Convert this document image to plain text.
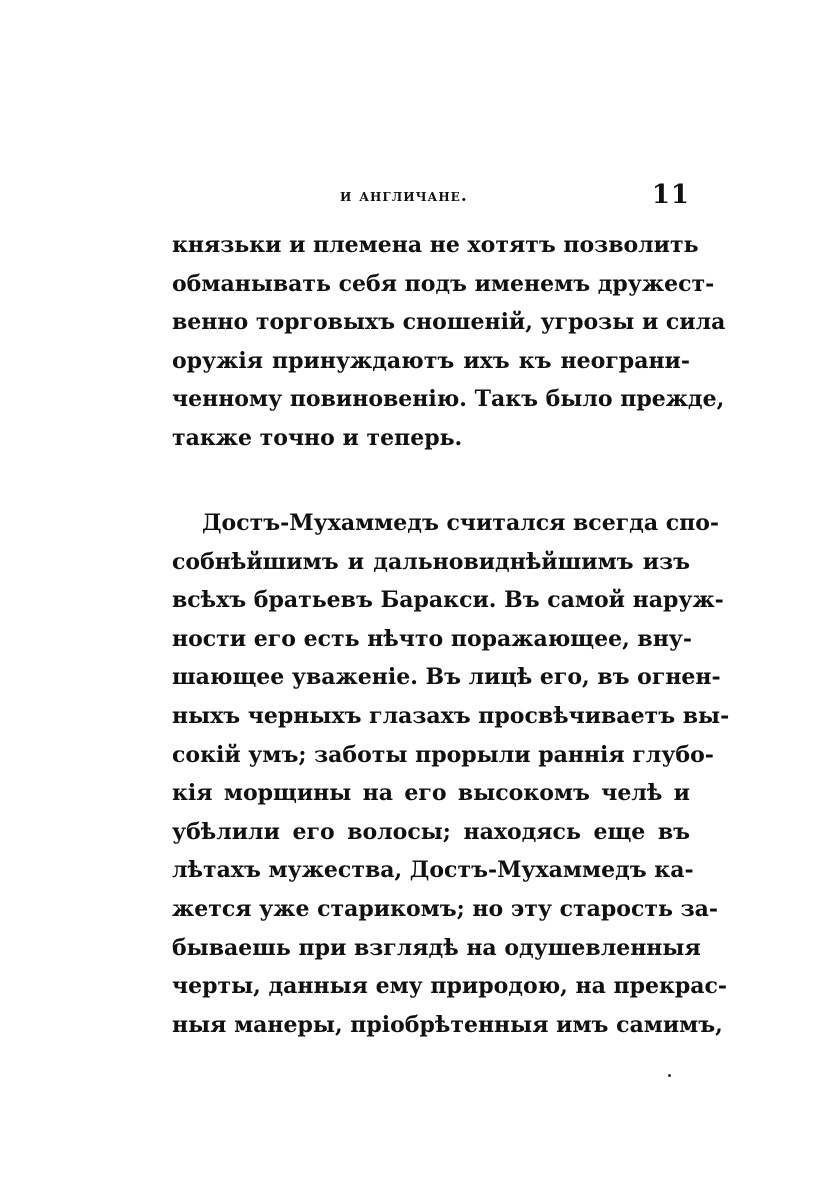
и англичане.	11
князьки и племена не хотятъ позволить
обманывать себя подъ именемъ дружест-
венно торговыхъ сношеній, угрозы и сила
оружія принуждаютъ ихъ къ неограни-
ченному повиновенію. Такъ было прежде,
также точно и теперь.
Достъ-Мухаммедъ считался всегда спо-
собнѣйшимъ и дальновиднѣйшимъ изъ
всѣхъ братьевъ Баракси. Въ самой наруж-
ности его есть нѣчто поражающее, вну-
шающее уваженіе. Въ лицѣ его, въ огнен-
ныхъ черныхъ глазахъ просвѣчиваетъ вы-
сокій умъ; заботы прорыли раннія глубо-
кія морщины на его высокомъ челѣ и
убѣлили его волосы; находясь еще въ
лѣтахъ мужества, Достъ-Мухаммедъ ка-
жется уже старикомъ; но эту старость за-
бываешь при взглядѣ на одушевленныя
черты, данныя ему природою, на прекрас-
ныя манеры, пріобрѣтенныя имъ самимъ,
